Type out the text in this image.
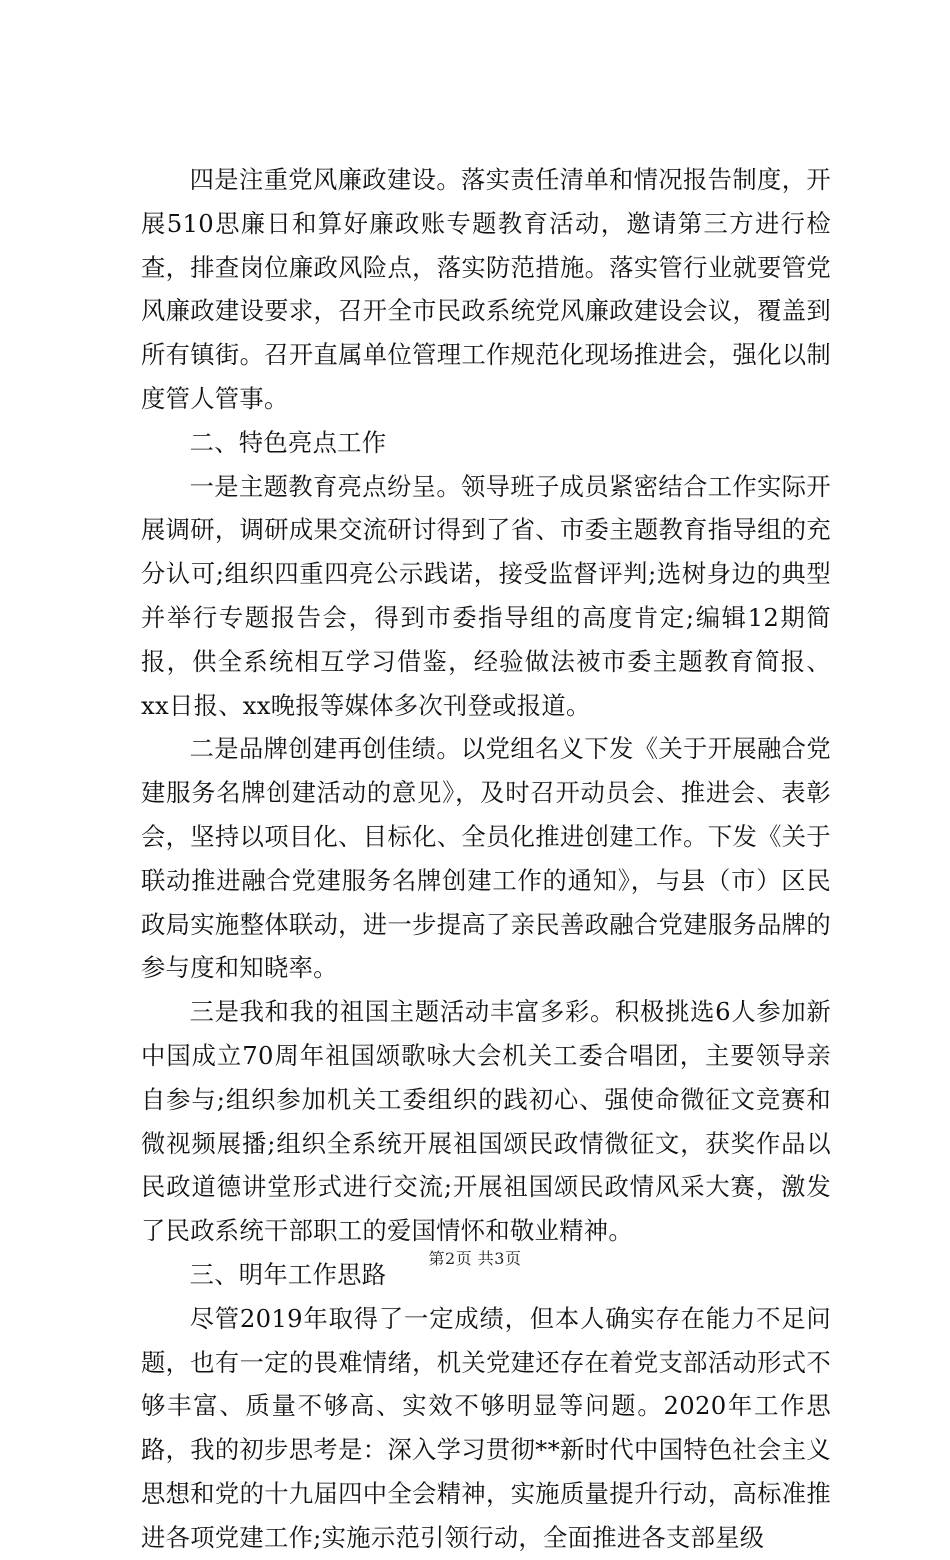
四是注重党风廉政建设。落实责任清单和情况报告制度，开展510思廉日和算好廉政账专题教育活动，邀请第三方进行检查，排查岗位廉政风险点，落实防范措施。落实管行业就要管党风廉政建设要求，召开全市民政系统党风廉政建设会议，覆盖到所有镇街。召开直属单位管理工作规范化现场推进会，强化以制度管人管事。

二、特色亮点工作

一是主题教育亮点纷呈。领导班子成员紧密结合工作实际开展调研，调研成果交流研讨得到了省、市委主题教育指导组的充分认可;组织四重四亮公示践诺，接受监督评判;选树身边的典型并举行专题报告会，得到市委指导组的高度肯定;编辑12期简报，供全系统相互学习借鉴，经验做法被市委主题教育简报、xx日报、xx晚报等媒体多次刊登或报道。

二是品牌创建再创佳绩。以党组名义下发《关于开展融合党建服务名牌创建活动的意见》，及时召开动员会、推进会、表彰会，坚持以项目化、目标化、全员化推进创建工作。下发《关于联动推进融合党建服务名牌创建工作的通知》，与县（市）区民政局实施整体联动，进一步提高了亲民善政融合党建服务品牌的参与度和知晓率。

三是我和我的祖国主题活动丰富多彩。积极挑选6人参加新中国成立70周年祖国颂歌咏大会机关工委合唱团，主要领导亲自参与;组织参加机关工委组织的践初心、强使命微征文竞赛和微视频展播;组织全系统开展祖国颂民政情微征文，获奖作品以民政道德讲堂形式进行交流;开展祖国颂民政情风采大赛，激发了民政系统干部职工的爱国情怀和敬业精神。

三、明年工作思路

尽管2019年取得了一定成绩，但本人确实存在能力不足问题，也有一定的畏难情绪，机关党建还存在着党支部活动形式不够丰富、质量不够高、实效不够明显等问题。2020年工作思路，我的初步思考是：深入学习贯彻**新时代中国特色社会主义思想和党的十九届四中全会精神，实施质量提升行动，高标准推进各项党建工作;实施示范引领行动，全面推进各支部星级

第2页 共3页
